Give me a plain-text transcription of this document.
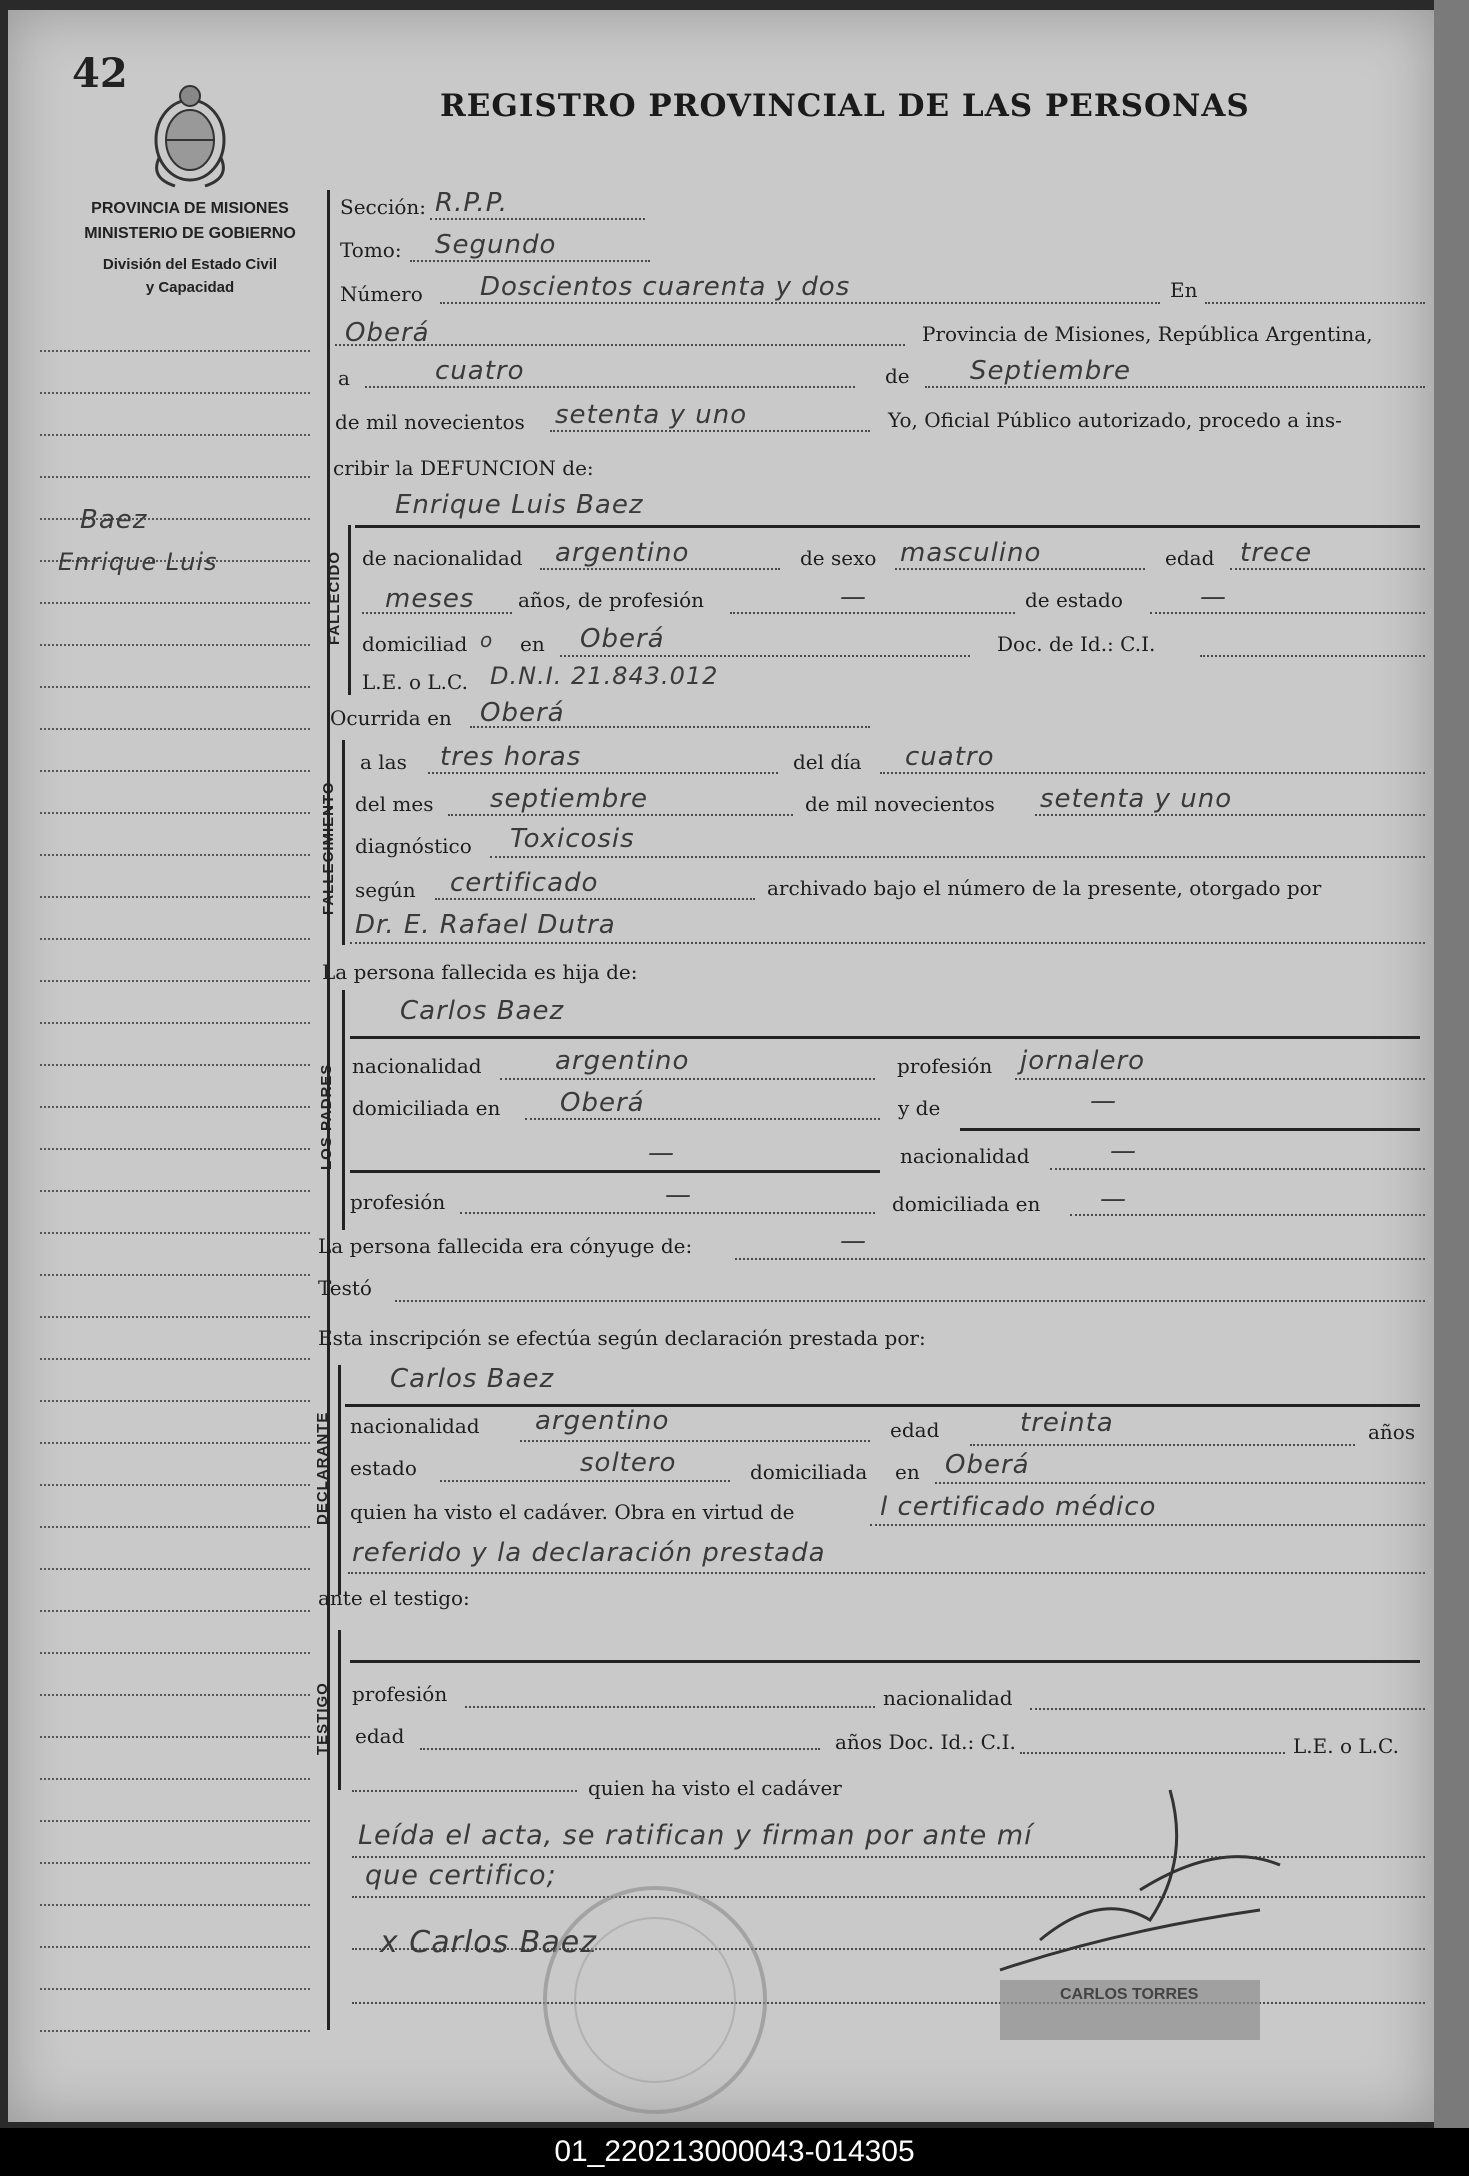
42
REGISTRO PROVINCIAL DE LAS PERSONAS
PROVINCIA DE MISIONES
MINISTERIO DE GOBIERNO
División del Estado Civil
y Capacidad
Baez
Enrique Luis
Sección: R.P.P.
Tomo: Segundo
Número Doscientos cuarenta y dos	En
Oberá	Provincia de Misiones, República Argentina,
a	cuatro	de Septiembre
de mil novecientos setenta y uno	Yo, Oficial Público autorizado, procedo a ins-
cribir la DEFUNCION de:
FALLECIDO
Enrique Luis Baez
de nacionalidad argentino	de sexo masculino	edad trece
meses años, de profesión	—	de estado	—
domiciliad o en Oberá	Doc. de Id.: C.I.
L.E. o L.C. D.N.I. 21.843.012
Ocurrida en Oberá
FALLECIMIENTO
a las tres horas	del día cuatro
del mes septiembre	de mil novecientos setenta y uno
diagnóstico Toxicosis
según certificado	archivado bajo el número de la presente, otorgado por
Dr. E. Rafael Dutra
La persona fallecida es hija de:
LOS PADRES
Carlos Baez
nacionalidad	argentino	profesión jornalero
domiciliada en Oberá	y de	—
—	nacionalidad	—
profesión	—	domiciliada en —
La persona fallecida era cónyuge de:	—
Testó
Esta inscripción se efectúa según declaración prestada por:
DECLARANTE
Carlos Baez
nacionalidad argentino	edad	treinta	años
estado	soltero	domiciliada en Oberá
quien ha visto el cadáver. Obra en virtud de	l certificado médico
referido y la declaración prestada
ante el testigo:
TESTIGO profesión	nacionalidad
edad	años Doc. Id.: C.I.	L.E. o L.C.
quien ha visto el cadáver
Leída el acta, se ratifican y firman por ante mí
que certifico;
x Carlos Baez
CARLOS TORRES
01_220213000043-014305
